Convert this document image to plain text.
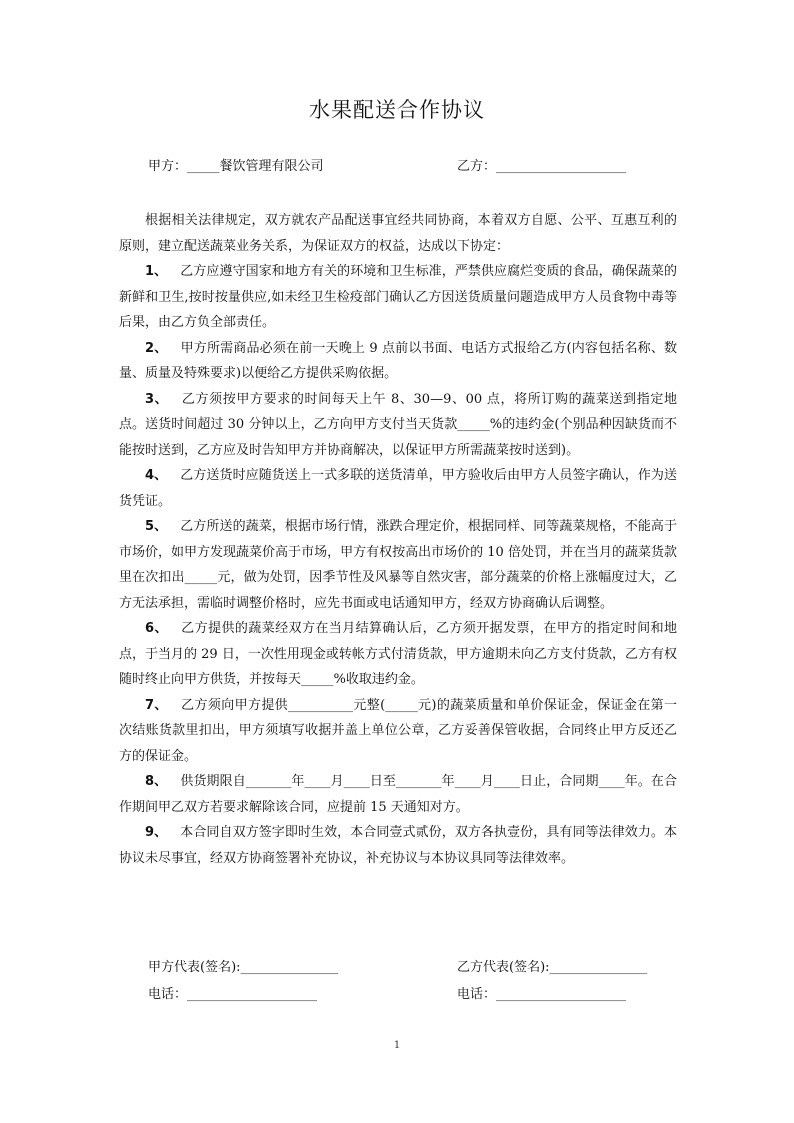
水果配送合作协议
甲方：_____餐饮管理有限公司	乙方：____________________

根据相关法律规定，双方就农产品配送事宜经共同协商，本着双方自愿、公平、互惠互利的原则，建立配送蔬菜业务关系，为保证双方的权益，达成以下协定：

1、  乙方应遵守国家和地方有关的环境和卫生标准，严禁供应腐烂变质的食品，确保蔬菜的新鲜和卫生,按时按量供应,如未经卫生检疫部门确认乙方因送货质量问题造成甲方人员食物中毒等后果，由乙方负全部责任。

2、  甲方所需商品必须在前一天晚上 9 点前以书面、电话方式报给乙方(内容包括名称、数量、质量及特殊要求)以便给乙方提供采购依据。

3、  乙方须按甲方要求的时间每天上午 8、30—9、00 点，将所订购的蔬菜送到指定地点。送货时间超过 30 分钟以上，乙方向甲方支付当天货款_____%的违约金(个别品种因缺货而不能按时送到，乙方应及时告知甲方并协商解决，以保证甲方所需蔬菜按时送到)。

4、  乙方送货时应随货送上一式多联的送货清单，甲方验收后由甲方人员签字确认，作为送货凭证。

5、  乙方所送的蔬菜，根据市场行情，涨跌合理定价，根据同样、同等蔬菜规格，不能高于市场价，如甲方发现蔬菜价高于市场，甲方有权按高出市场价的 10 倍处罚，并在当月的蔬菜货款里在次扣出_____元，做为处罚，因季节性及风暴等自然灾害，部分蔬菜的价格上涨幅度过大，乙方无法承担，需临时调整价格时，应先书面或电话通知甲方，经双方协商确认后调整。

6、  乙方提供的蔬菜经双方在当月结算确认后，乙方须开据发票，在甲方的指定时间和地点，于当月的 29 日，一次性用现金或转帐方式付清货款，甲方逾期未向乙方支付货款，乙方有权随时终止向甲方供货，并按每天_____%收取违约金。

7、  乙方须向甲方提供__________元整(_____元)的蔬菜质量和单价保证金，保证金在第一次结账货款里扣出，甲方须填写收据并盖上单位公章，乙方妥善保管收据，合同终止甲方反还乙方的保证金。

8、  供货期限自_______年____月____日至_______年____月____日止，合同期____年。在合作期间甲乙双方若要求解除该合同，应提前 15 天通知对方。

9、  本合同自双方签字即时生效，本合同壹式贰份，双方各执壹份，具有同等法律效力。本协议未尽事宜，经双方协商签署补充协议，补充协议与本协议具同等法律效率。

甲方代表(签名):_______________	乙方代表(签名):_______________
电话：____________________	电话：____________________
1
